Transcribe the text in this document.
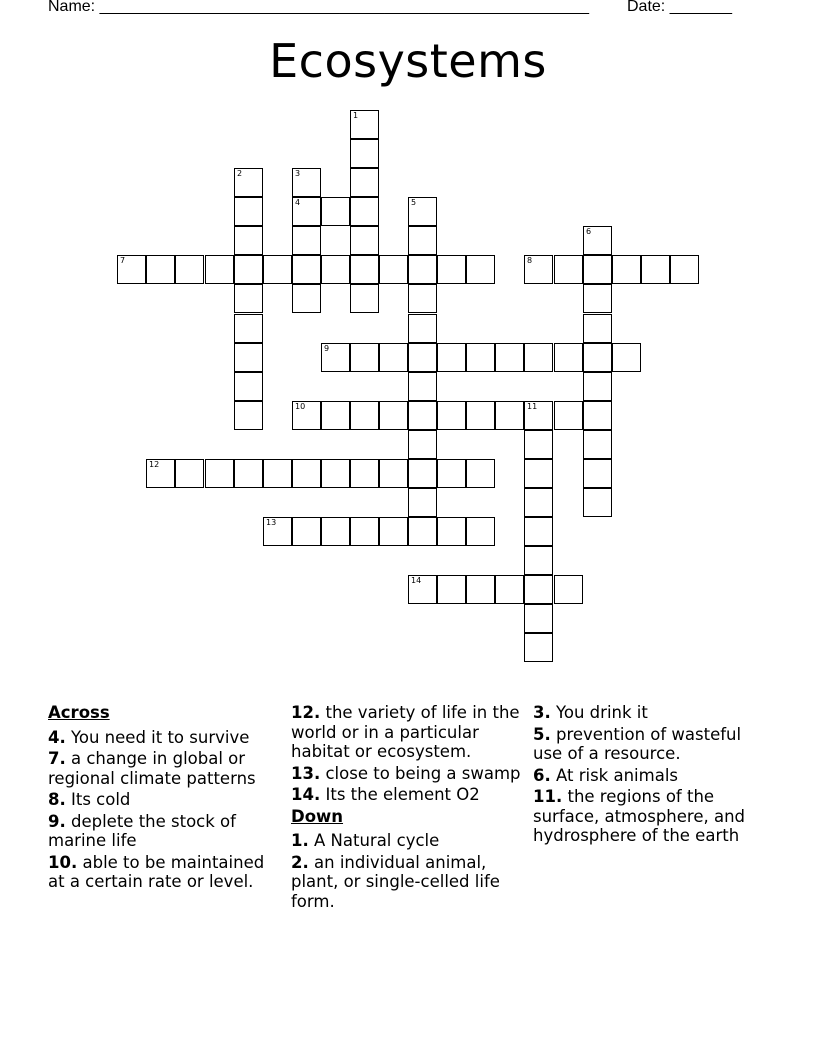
Name: _______________________________________________________ Date: _______
Ecosystems
1
2	3
4	5
6
7	8
9
10	11
12
13
14
Across
4. You need it to survive
7. a change in global or regional climate patterns
8. Its cold
9. deplete the stock of marine life
10. able to be maintained at a certain rate or level.
12. the variety of life in the world or in a particular habitat or ecosystem.
13. close to being a swamp
14. Its the element O2
Down
1. A Natural cycle
2. an individual animal, plant, or single-celled life form.
3. You drink it
5. prevention of wasteful use of a resource.
6. At risk animals
11. the regions of the surface, atmosphere, and hydrosphere of the earth
